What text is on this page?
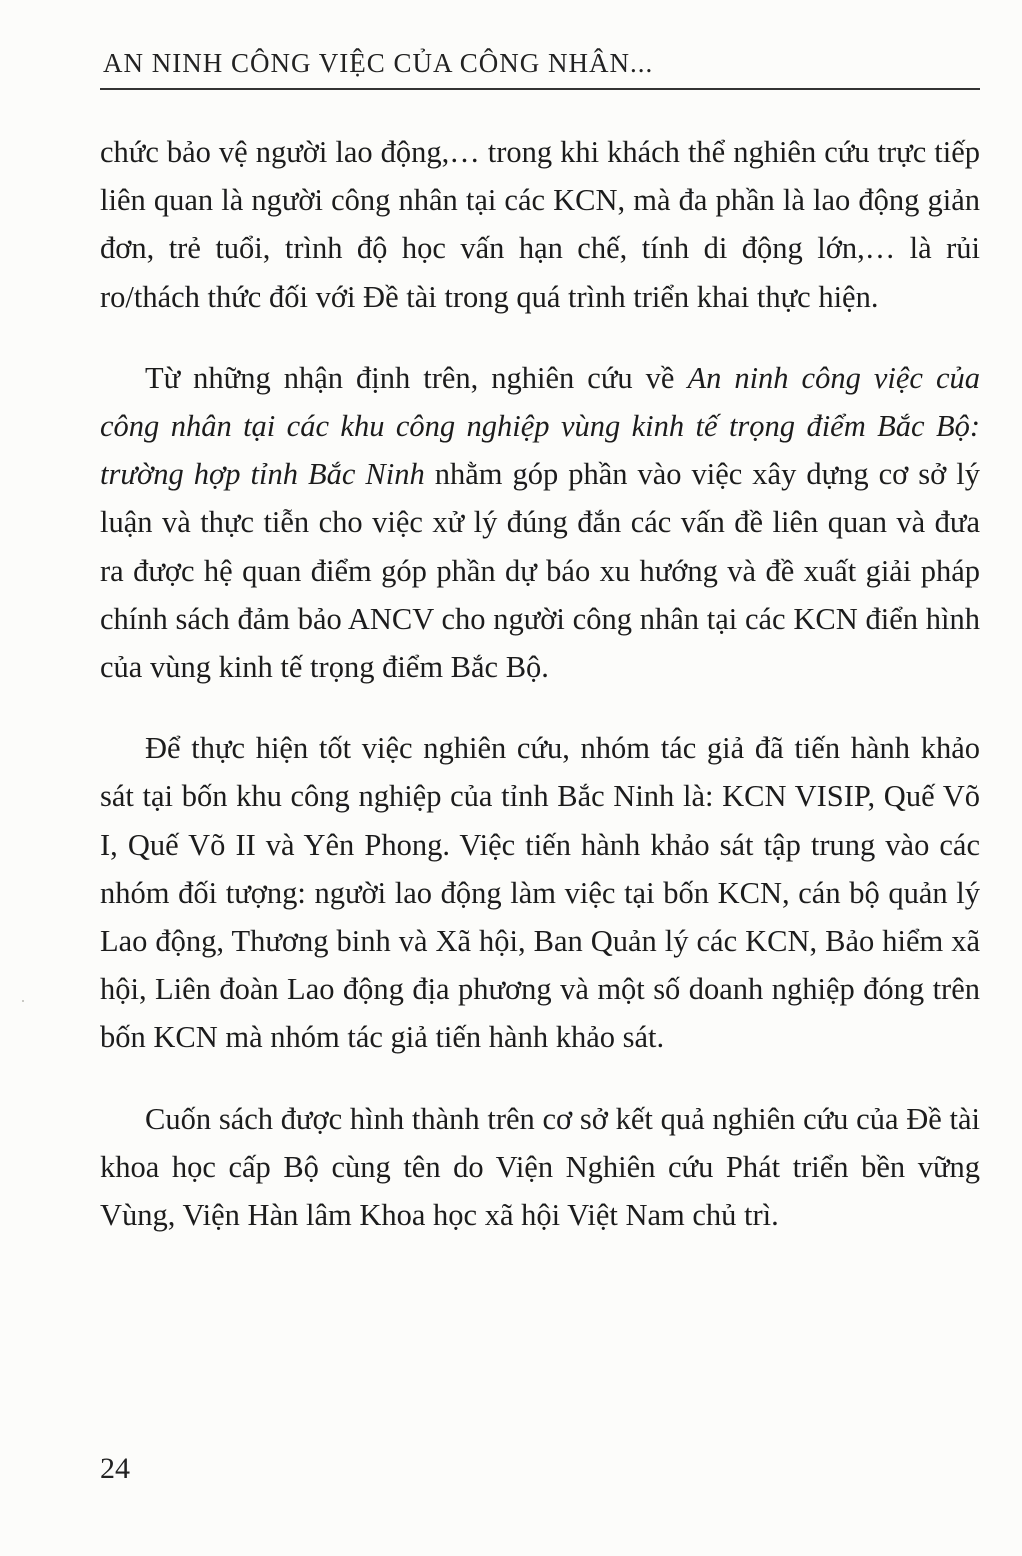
AN NINH CÔNG VIỆC CỦA CÔNG NHÂN...

chức bảo vệ người lao động,… trong khi khách thể nghiên cứu trực tiếp liên quan là người công nhân tại các KCN, mà đa phần là lao động giản đơn, trẻ tuổi, trình độ học vấn hạn chế, tính di động lớn,… là rủi ro/thách thức đối với Đề tài trong quá trình triển khai thực hiện.

Từ những nhận định trên, nghiên cứu về An ninh công việc của công nhân tại các khu công nghiệp vùng kinh tế trọng điểm Bắc Bộ: trường hợp tỉnh Bắc Ninh nhằm góp phần vào việc xây dựng cơ sở lý luận và thực tiễn cho việc xử lý đúng đắn các vấn đề liên quan và đưa ra được hệ quan điểm góp phần dự báo xu hướng và đề xuất giải pháp chính sách đảm bảo ANCV cho người công nhân tại các KCN điển hình của vùng kinh tế trọng điểm Bắc Bộ.

Để thực hiện tốt việc nghiên cứu, nhóm tác giả đã tiến hành khảo sát tại bốn khu công nghiệp của tỉnh Bắc Ninh là: KCN VISIP, Quế Võ I, Quế Võ II và Yên Phong. Việc tiến hành khảo sát tập trung vào các nhóm đối tượng: người lao động làm việc tại bốn KCN, cán bộ quản lý Lao động, Thương binh và Xã hội, Ban Quản lý các KCN, Bảo hiểm xã hội, Liên đoàn Lao động địa phương và một số doanh nghiệp đóng trên bốn KCN mà nhóm tác giả tiến hành khảo sát.

Cuốn sách được hình thành trên cơ sở kết quả nghiên cứu của Đề tài khoa học cấp Bộ cùng tên do Viện Nghiên cứu Phát triển bền vững Vùng, Viện Hàn lâm Khoa học xã hội Việt Nam chủ trì.

24
